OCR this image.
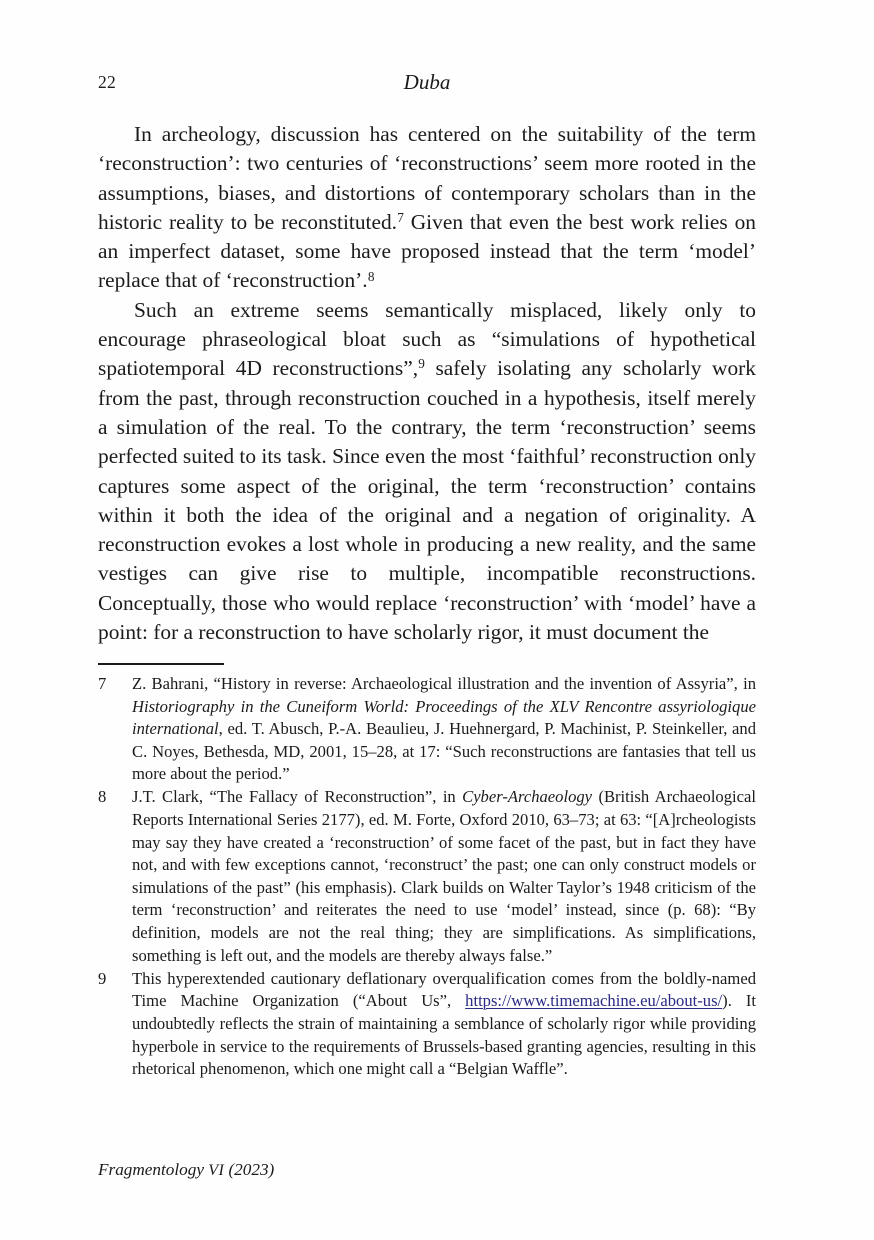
22	Duba

In archeology, discussion has centered on the suitability of the term ‘reconstruction’: two centuries of ‘reconstructions’ seem more rooted in the assumptions, biases, and distortions of contemporary scholars than in the historic reality to be reconstituted.$^7$ Given that even the best work relies on an imperfect dataset, some have proposed instead that the term ‘model’ replace that of ‘reconstruction’.$^8$

Such an extreme seems semantically misplaced, likely only to encourage phraseological bloat such as “simulations of hypothetical spatiotemporal 4D reconstructions”,$^9$ safely isolating any scholarly work from the past, through reconstruction couched in a hypothesis, itself merely a simulation of the real. To the contrary, the term ‘reconstruction’ seems perfected suited to its task. Since even the most ‘faithful’ reconstruction only captures some aspect of the original, the term ‘reconstruction’ contains within it both the idea of the original and a negation of originality. A reconstruction evokes a lost whole in producing a new reality, and the same vestiges can give rise to multiple, incompatible reconstructions. Conceptually, those who would replace ‘reconstruction’ with ‘model’ have a point: for a reconstruction to have scholarly rigor, it must document the

7	Z. Bahrani, “History in reverse: Archaeological illustration and the invention of Assyria”, in Historiography in the Cuneiform World: Proceedings of the XLV Rencontre assyriologique international, ed. T. Abusch, P.-A. Beaulieu, J. Huehnergard, P. Machinist, P. Steinkeller, and C. Noyes, Bethesda, MD, 2001, 15–28, at 17: “Such reconstructions are fantasies that tell us more about the period.”

8	J.T. Clark, “The Fallacy of Reconstruction”, in Cyber-Archaeology (British Archaeological Reports International Series 2177), ed. M. Forte, Oxford 2010, 63–73; at 63: “[A]rcheologists may say they have created a ‘reconstruction’ of some facet of the past, but in fact they have not, and with few exceptions cannot, ‘reconstruct’ the past; one can only construct models or simulations of the past” (his emphasis). Clark builds on Walter Taylor’s 1948 criticism of the term ‘reconstruction’ and reiterates the need to use ‘model’ instead, since (p. 68): “By definition, models are not the real thing; they are simplifications. As simplifications, something is left out, and the models are thereby always false.”

9	This hyperextended cautionary deflationary overqualification comes from the boldly-named Time Machine Organization (“About Us”, https://www.timemachine.eu/about-us/). It undoubtedly reflects the strain of maintaining a semblance of scholarly rigor while providing hyperbole in service to the requirements of Brussels-based granting agencies, resulting in this rhetorical phenomenon, which one might call a “Belgian Waffle”.

Fragmentology VI (2023)
